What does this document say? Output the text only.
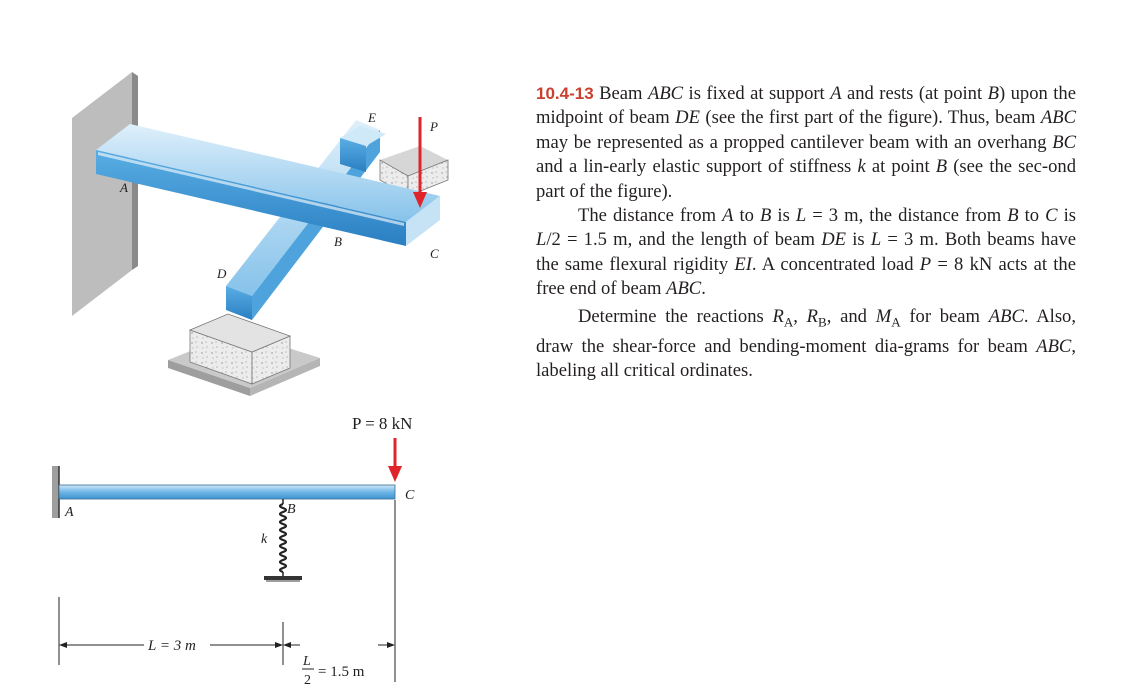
A
B
C
D
E
P
P = 8 kN
A	B
C
k
L = 3 m
L
2
= 1.5 m

10.4-13 Beam ABC is fixed at support A and rests (at point B) upon the midpoint of beam DE (see the first part of the figure). Thus, beam ABC may be represented as a propped cantilever beam with an overhang BC and a lin-early elastic support of stiffness k at point B (see the sec-ond part of the figure).

The distance from A to B is L = 3 m, the distance from B to C is L/2 = 1.5 m, and the length of beam DE is L = 3 m. Both beams have the same flexural rigidity EI. A concentrated load P = 8 kN acts at the free end of beam ABC.

Determine the reactions $R_A$, $R_B$, and $M_A$ for beam ABC. Also, draw the shear-force and bending-moment dia-grams for beam ABC, labeling all critical ordinates.
